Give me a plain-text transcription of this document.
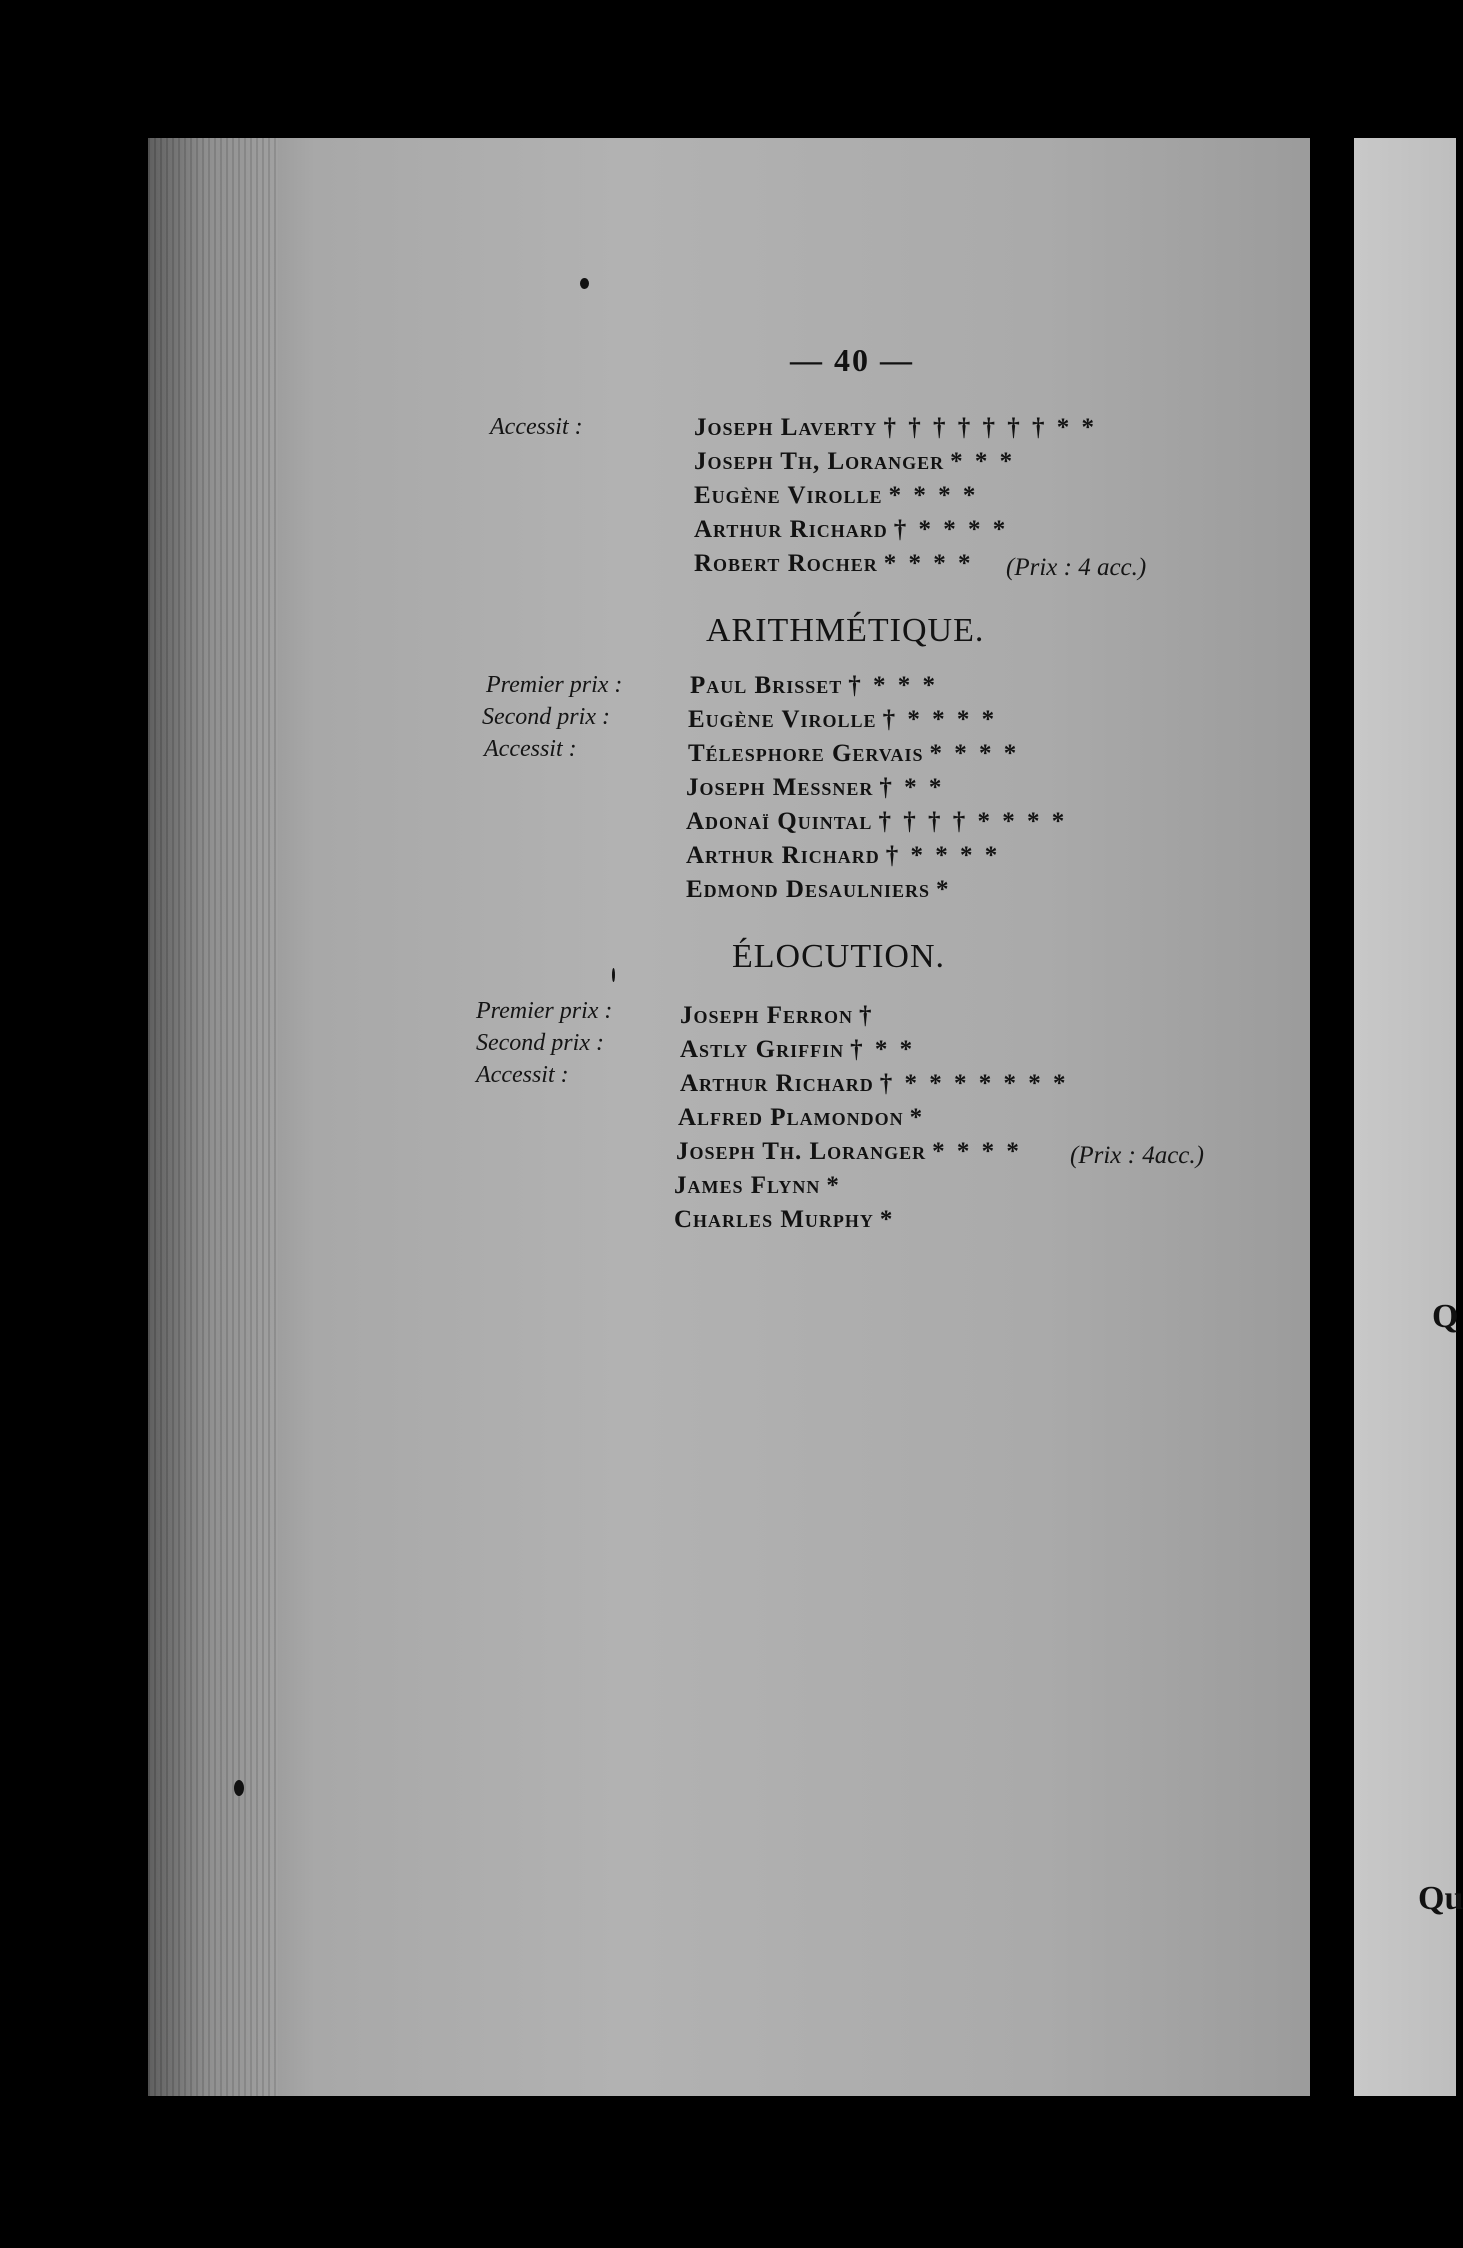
Q
Qu
— 40 —
Accessit :	Joseph Laverty † † † † † † † * *
Joseph Th, Loranger * * *
Eugène Virolle * * * *
Arthur Richard † * * * *
Robert Rocher * * * * (Prix : 4 acc.)
ARITHMÉTIQUE.
Premier prix :
Second prix :
Accessit :
Paul Brisset † * * *
Eugène Virolle † * * * *
Télesphore Gervais * * * *
Joseph Messner † * *
Adonaï Quintal † † † † * * * *
Arthur Richard † * * * *
Edmond Desaulniers *
ÉLOCUTION.
Premier prix :
Second prix :
Accessit :
Joseph Ferron †
Astly Griffin † * *
Arthur Richard † * * * * * * *
Alfred Plamondon *
Joseph Th. Loranger * * * *
James Flynn *
Charles Murphy *
(Prix : 4acc.)
